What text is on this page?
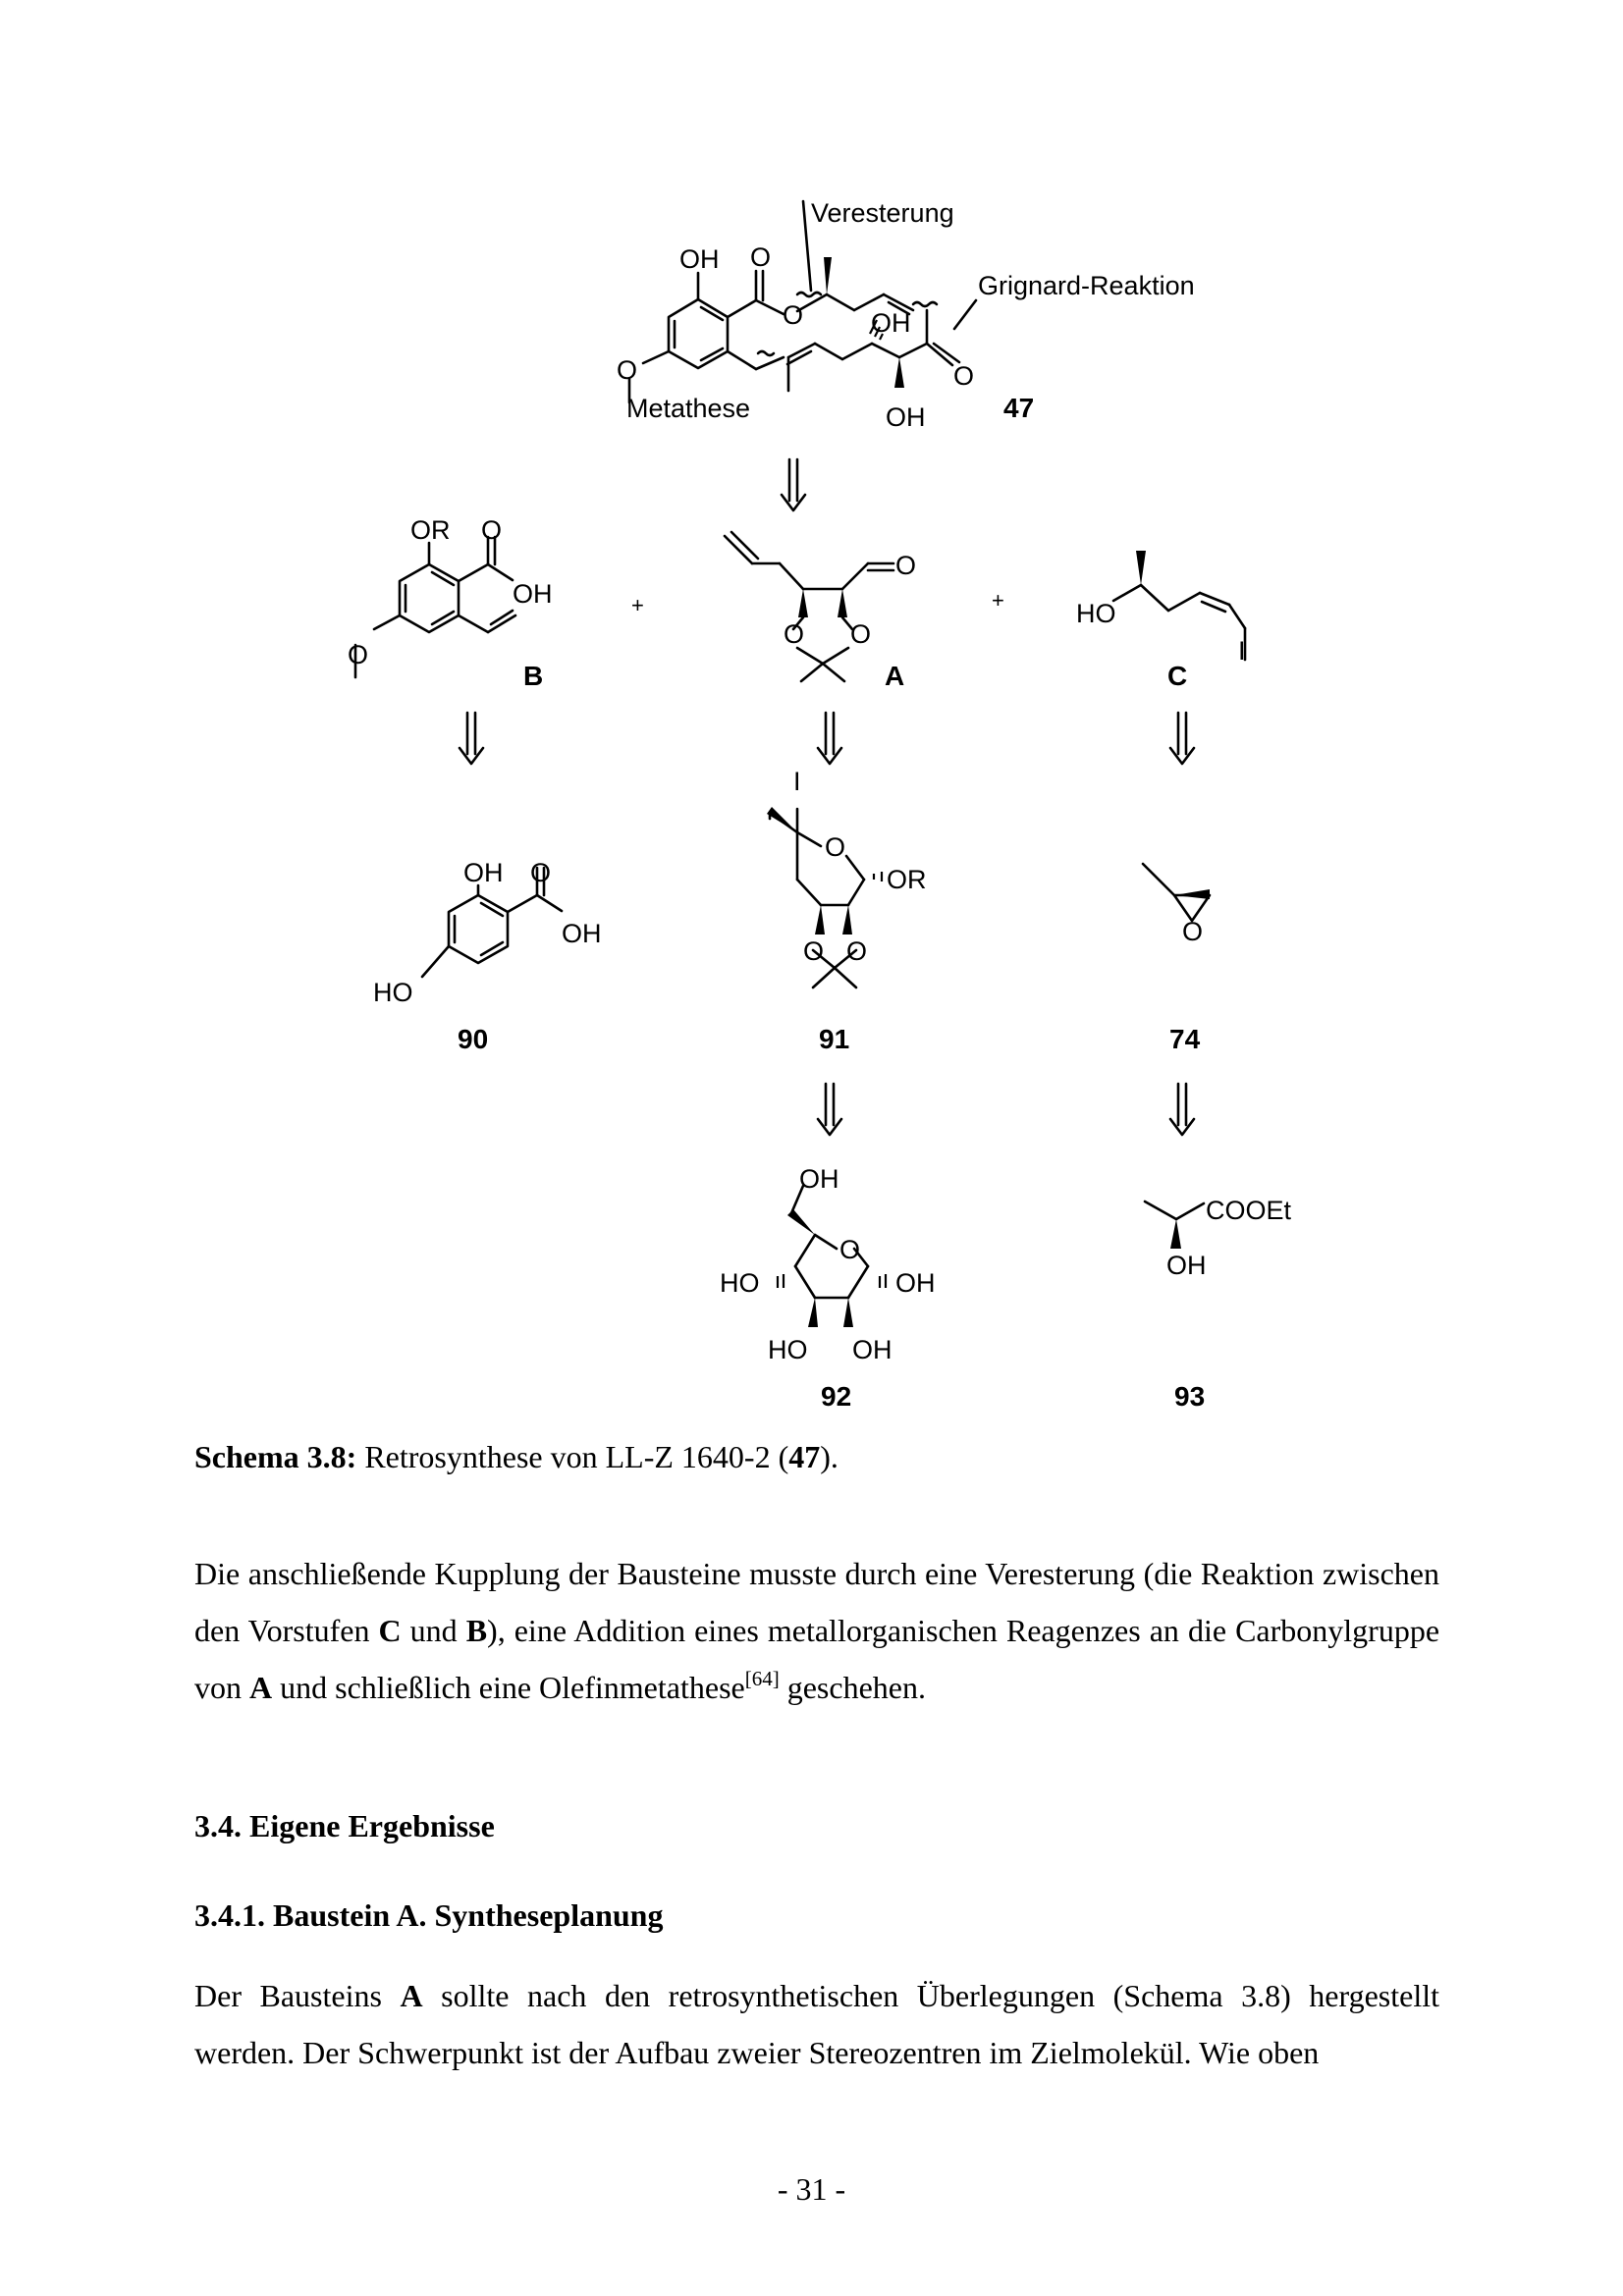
OH O
O	OH
O
OH
O
Metathese
Veresterung
Grignard-Reaktion
47
OR O
OH
O
B
+
O
O O
A
+	HO
I
C
OH O
OH
HO
90
I
O
OR
O O
91
O
74
OH
O
HO	OH
HO OH
92
COOEt
OH
93
Schema 3.8: Retrosynthese von LL-Z 1640-2 (47).
Die anschließende Kupplung der Bausteine musste durch eine Veresterung (die Reaktion zwischen den Vorstufen C und B), eine Addition eines metallorganischen Reagenzes an die Carbonylgruppe von A und schließlich eine Olefinmetathese[64] geschehen.
3.4. Eigene Ergebnisse
3.4.1. Baustein A. Syntheseplanung
Der Bausteins A sollte nach den retrosynthetischen Überlegungen (Schema 3.8) hergestellt werden. Der Schwerpunkt ist der Aufbau zweier Stereozentren im Zielmolekül. Wie oben
- 31 -
